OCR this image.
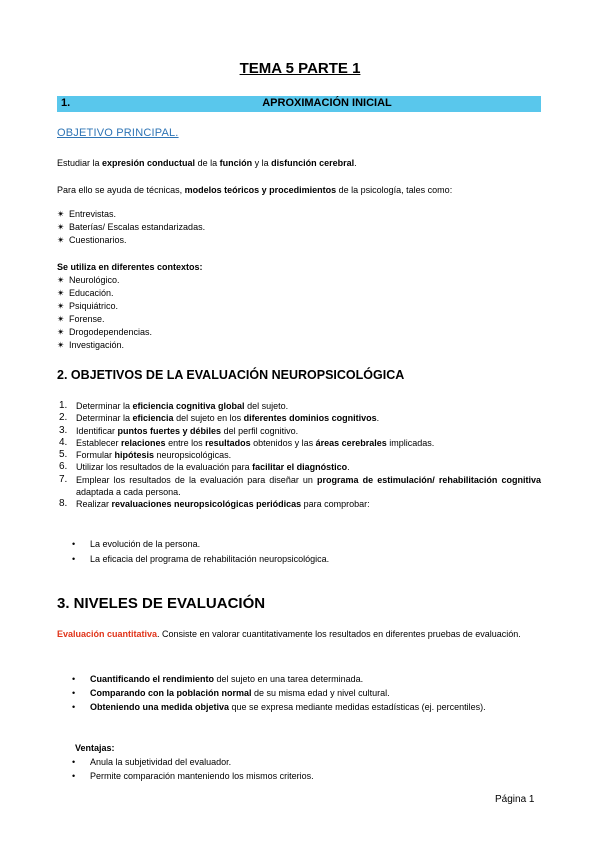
TEMA 5 PARTE 1
1.	APROXIMACIÓN INICIAL
OBJETIVO PRINCIPAL.
Estudiar la expresión conductual de la función y la disfunción cerebral.
Para ello se ayuda de técnicas, modelos teóricos y procedimientos de la psicología, tales como:
✴ Entrevistas.
✴ Baterías/ Escalas estandarizadas.
✴ Cuestionarios.
Se utiliza en diferentes contextos:
✴ Neurológico.
✴ Educación.
✴ Psiquiátrico.
✴ Forense.
✴ Drogodependencias.
✴ Investigación.
2. OBJETIVOS DE LA EVALUACIÓN NEUROPSICOLÓGICA
1. Determinar la eficiencia cognitiva global del sujeto.
2. Determinar la eficiencia del sujeto en los diferentes dominios cognitivos.
3. Identificar puntos fuertes y débiles del perfil cognitivo.
4. Establecer relaciones entre los resultados obtenidos y las áreas cerebrales implicadas.
5. Formular hipótesis neuropsicológicas.
6. Utilizar los resultados de la evaluación para facilitar el diagnóstico.
7. Emplear los resultados de la evaluación para diseñar un programa de estimulación/ rehabilitación cognitiva adaptada a cada persona.
8. Realizar revaluaciones neuropsicológicas periódicas para comprobar:
• La evolución de la persona.
• La eficacia del programa de rehabilitación neuropsicológica.
3. NIVELES DE EVALUACIÓN
Evaluación cuantitativa. Consiste en valorar cuantitativamente los resultados en diferentes pruebas de evaluación.
• Cuantificando el rendimiento del sujeto en una tarea determinada.
• Comparando con la población normal de su misma edad y nivel cultural.
• Obteniendo una medida objetiva que se expresa mediante medidas estadísticas (ej. percentiles).
Ventajas:
• Anula la subjetividad del evaluador.
• Permite comparación manteniendo los mismos criterios.
Página 1
